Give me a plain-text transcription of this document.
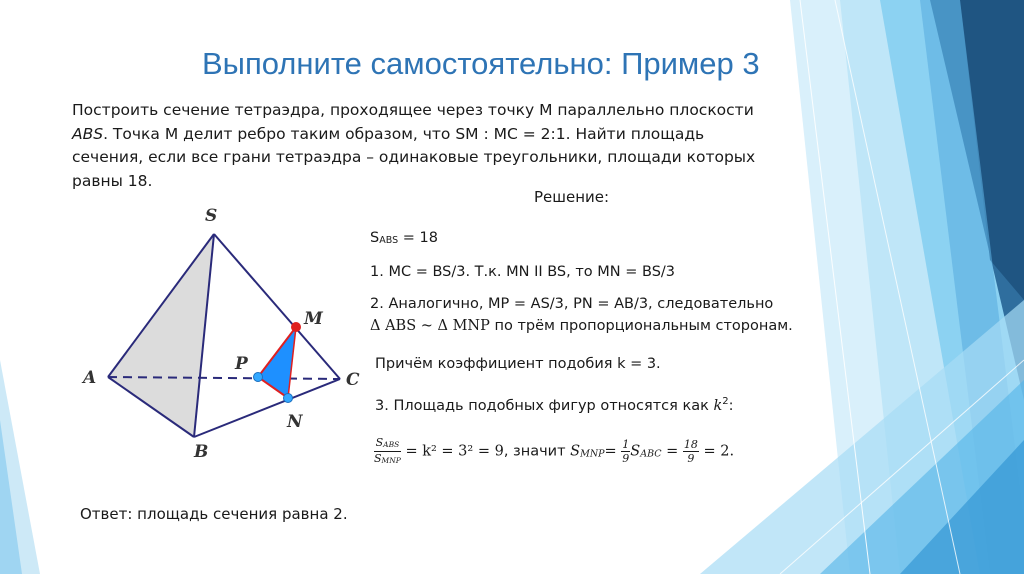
Выполните самостоятельно: Пример 3
Построить сечение тетраэдра, проходящее через точку M параллельно плоскости ABS. Точка M делит ребро таким образом, что SM : MC = 2:1. Найти площадь сечения, если все грани тетраэдра – одинаковые треугольники, площади которых равны 18.
S
A
B
C
M
P
N
Решение:
SABS = 18
1. MC = BS/3. Т.к. MN II BS, то MN = BS/3
2. Аналогично, MP = AS/3, PN = AB/3, следовательно
Δ ABS ~ Δ MNP по трём пропорциональным сторонам.
Причём коэффициент подобия k = 3.
3. Площадь подобных фигур относятся как $k^2$:
$\frac{\text{SABS}}{\text{SMNP}} = k^2 = 3^2 = 9$, значит SMNP= $\frac{1}{9}$ SABC = $\frac{18}{9} = 2$.
Ответ: площадь сечения равна 2.
